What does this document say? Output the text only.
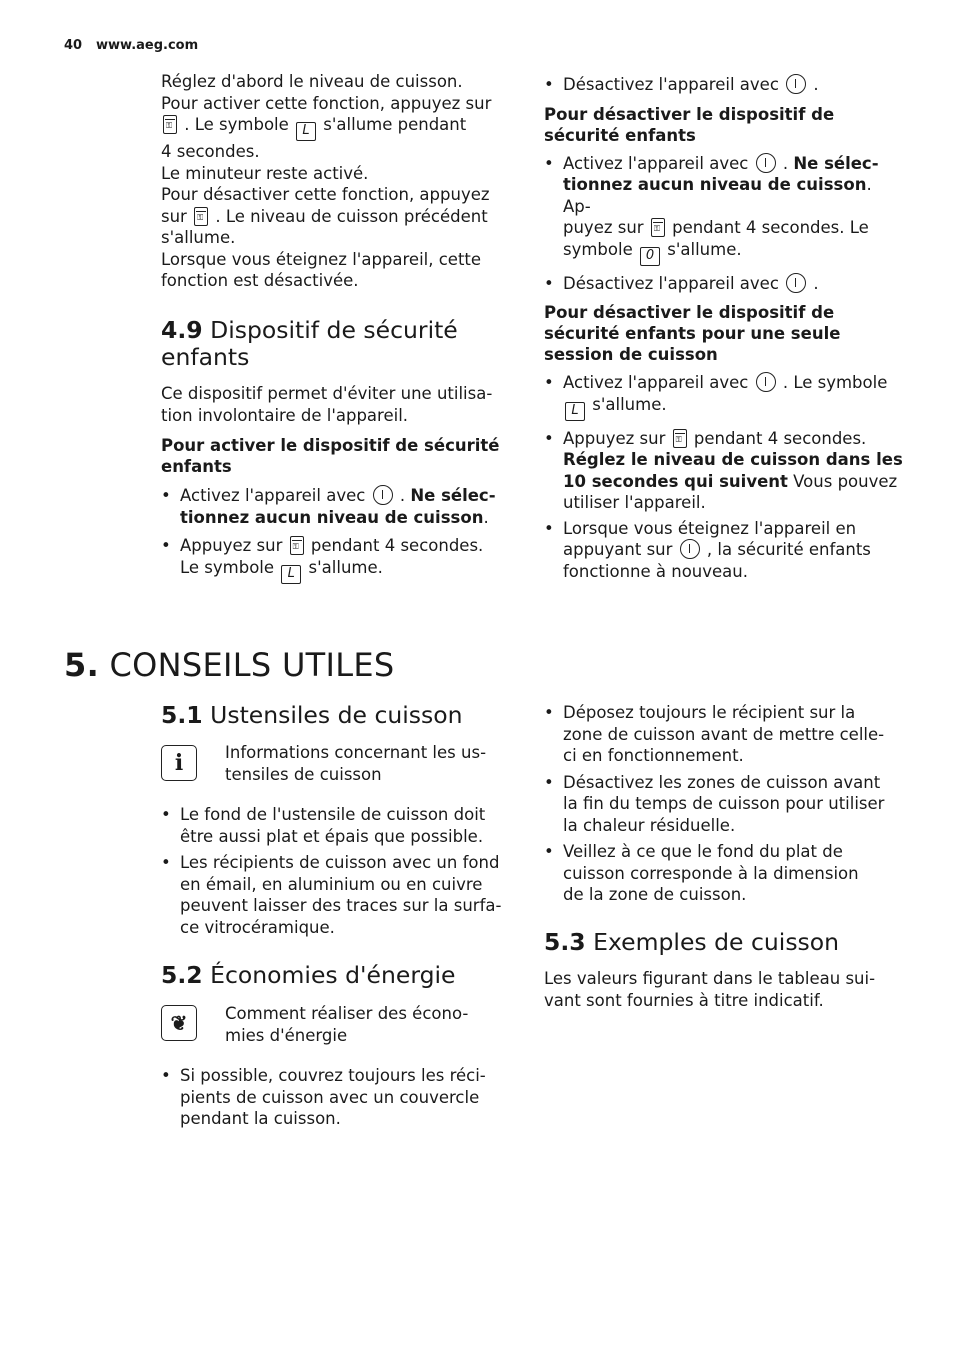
40 www.aeg.com

Réglez d'abord le niveau de cuisson.

Pour activer cette fonction, appuyez sur

⚿ . Le symbole L s'allume pendant

4 secondes.

Le minuteur reste activé.

Pour désactiver cette fonction, appuyez

sur ⚿ . Le niveau de cuisson précédent

s'allume.

Lorsque vous éteignez l'appareil, cette

fonction est désactivée.

4.9 Dispositif de sécurité

enfants

Ce dispositif permet d'éviter une utilisa-

tion involontaire de l'appareil.

Pour activer le dispositif de sécurité

enfants

• Activez l'appareil avec . Ne sélec-
tionnez aucun niveau de cuisson.
• Appuyez sur ⚿ pendant 4 secondes.
Le symbole L s'allume.
• Désactivez l'appareil avec .

Pour désactiver le dispositif de

sécurité enfants

• Activez l'appareil avec . Ne sélec-
tionnez aucun niveau de cuisson. Ap-
puyez sur ⚿ pendant 4 secondes. Le
symbole 0 s'allume.
• Désactivez l'appareil avec .

Pour désactiver le dispositif de

sécurité enfants pour une seule

session de cuisson

• Activez l'appareil avec . Le symbole
L s'allume.
• Appuyez sur ⚿ pendant 4 secondes.
Réglez le niveau de cuisson dans les
10 secondes qui suivent Vous pouvez
utiliser l'appareil.
• Lorsque vous éteignez l'appareil en
appuyant sur , la sécurité enfants
fonctionne à nouveau.
5. CONSEILS UTILES

5.1 Ustensiles de cuisson

i	Informations concernant les us-

tensiles de cuisson

• Le fond de l'ustensile de cuisson doit
être aussi plat et épais que possible.
• Les récipients de cuisson avec un fond
en émail, en aluminium ou en cuivre
peuvent laisser des traces sur la surfa-
ce vitrocéramique.

5.2 Économies d'énergie

❦

Comment réaliser des écono-

mies d'énergie

• Si possible, couvrez toujours les réci-
pients de cuisson avec un couvercle
pendant la cuisson.
• Déposez toujours le récipient sur la
zone de cuisson avant de mettre celle-
ci en fonctionnement.
• Désactivez les zones de cuisson avant
la fin du temps de cuisson pour utiliser
la chaleur résiduelle.
• Veillez à ce que le fond du plat de
cuisson corresponde à la dimension
de la zone de cuisson.

5.3 Exemples de cuisson

Les valeurs figurant dans le tableau sui-

vant sont fournies à titre indicatif.
